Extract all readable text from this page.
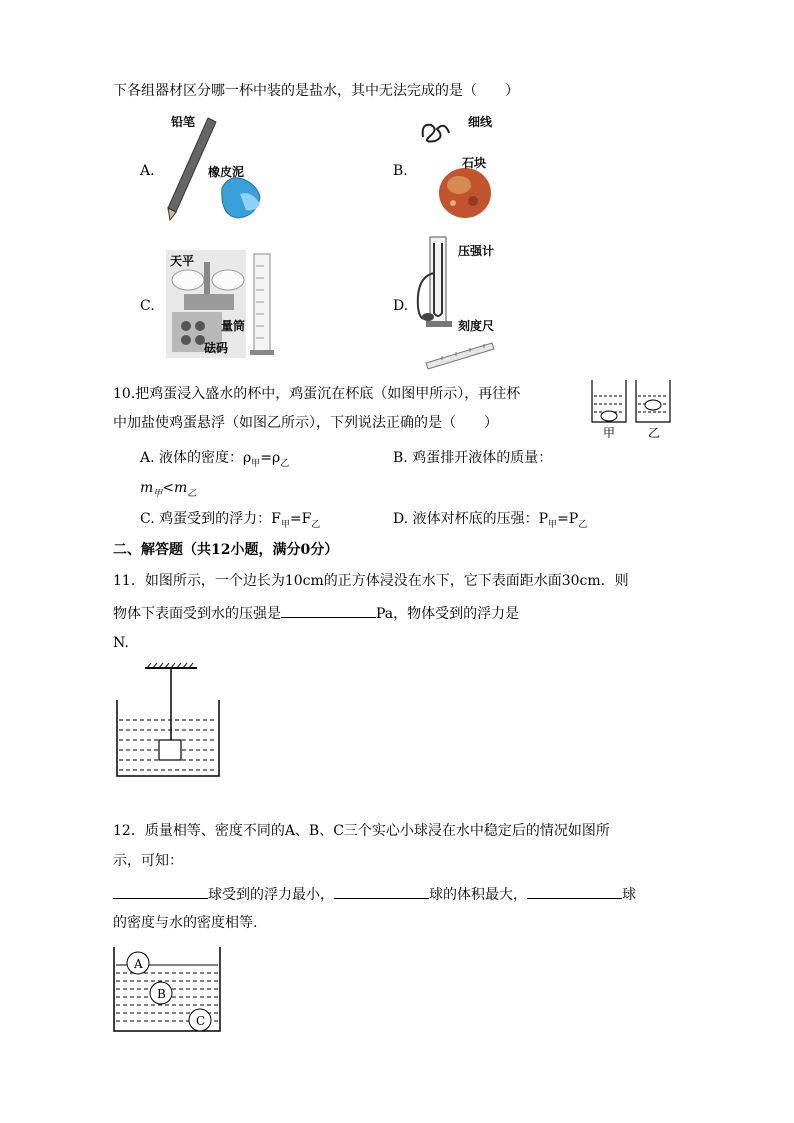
下各组器材区分哪一杯中装的是盐水，其中无法完成的是（　　）
A.
铅笔
橡皮泥	B.
细线
石块
C.
天平
量筒
砝码
D.
压强计
刻度尺
10.把鸡蛋浸入盛水的杯中，鸡蛋沉在杯底（如图甲所示），再往杯
中加盐使鸡蛋悬浮（如图乙所示），下列说法正确的是（　　）
甲	乙
A. 液体的密度：$\rho_甲=\rho_乙$	B. 鸡蛋排开液体的质量：
$m_甲<m_乙$
C. 鸡蛋受到的浮力：$F_甲=F_乙$	D. 液体对杯底的压强：$P_甲=P_乙$
二、解答题（共12小题，满分0分）
11．如图所示，一个边长为10cm的正方体浸没在水下，它下表面距水面30cm．则
物体下表面受到水的压强是	Pa，物体受到的浮力是
N.
12．质量相等、密度不同的A、B、C三个实心小球浸在水中稳定后的情况如图所
示，可知：
球受到的浮力最小，	球的体积最大，	球
的密度与水的密度相等.
A
B
C
